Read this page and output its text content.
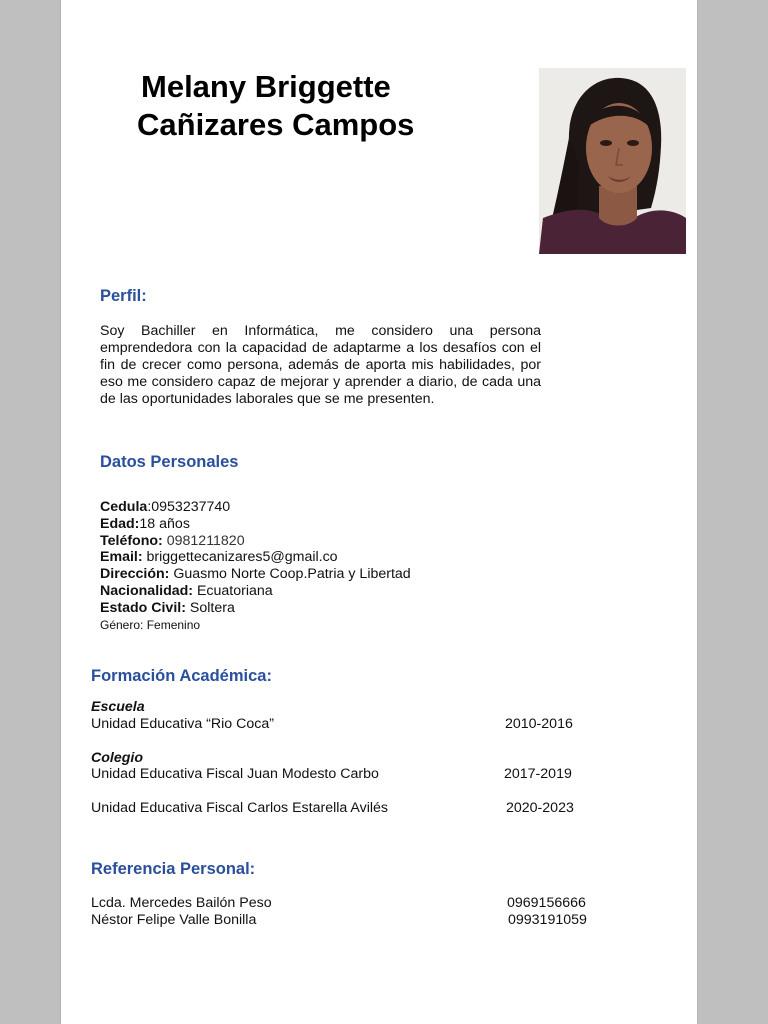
Melany Briggette
Cañizares Campos
Perfil:

Soy Bachiller en Informática, me considero una persona emprendedora con la capacidad de adaptarme a los desafíos con el fin de crecer como persona, además de aporta mis habilidades, por eso me considero capaz de mejorar y aprender a diario, de cada una de las oportunidades laborales que se me presenten.

Datos Personales
Cedula:0953237740
Edad:18 años
Teléfono: 0981211820
Email: briggettecanizares5@gmail.co
Dirección: Guasmo Norte Coop.Patria y Libertad
Nacionalidad: Ecuatoriana
Estado Civil: Soltera
Género: Femenino
Formación Académica:

Escuela

Unidad Educativa “Rio Coca”	2010-2016

Colegio

Unidad Educativa Fiscal Juan Modesto Carbo	2017-2019

Unidad Educativa Fiscal Carlos Estarella Avilés	2020-2023

Referencia Personal:

Lcda. Mercedes Bailón Peso	0969156666

Néstor Felipe Valle Bonilla	0993191059
